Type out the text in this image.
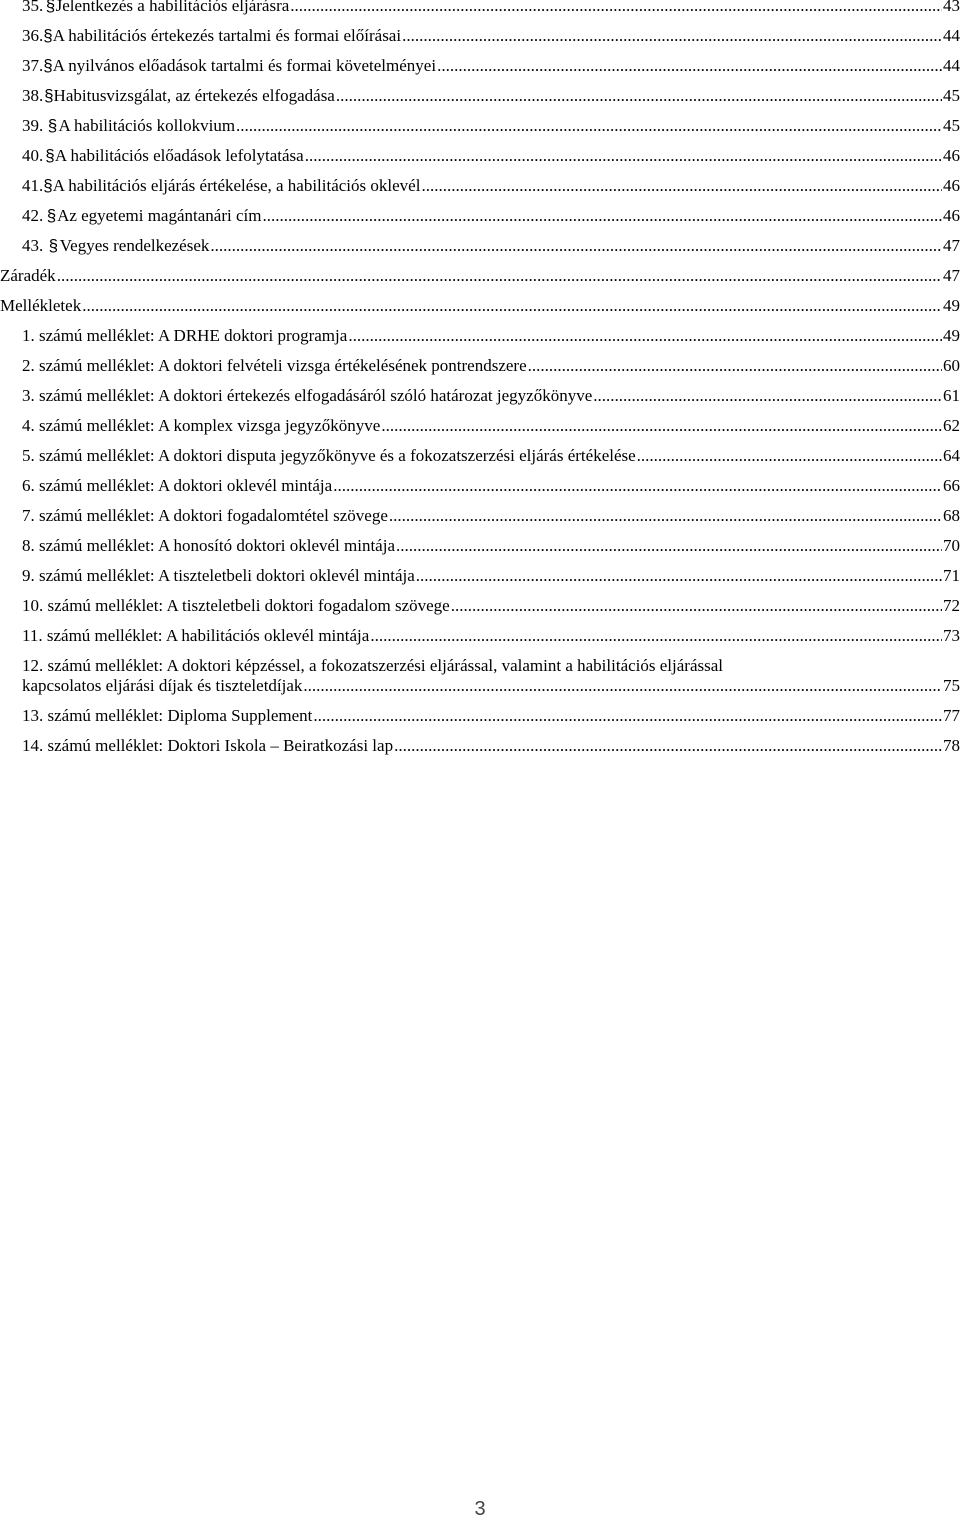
35. § Jelentkezés a habilitációs eljárásra .....	43
36. § A habilitációs értekezés tartalmi és formai előírásai .....	44
37. § A nyilvános előadások tartalmi és formai követelményei .....	44
38. § Habitusvizsgálat, az értekezés elfogadása .....	45
39. § A habilitációs kollokvium .....	45
40. § A habilitációs előadások lefolytatása .....	46
41. § A habilitációs eljárás értékelése, a habilitációs oklevél .....	46
42. § Az egyetemi magántanári cím .....	46
43. § Vegyes rendelkezések .....	47
Záradék .....	47
Mellékletek .....	49
1. számú melléklet: A DRHE doktori programja .....	49
2. számú melléklet: A doktori felvételi vizsga értékelésének pontrendszere .....	60
3. számú melléklet: A doktori értekezés elfogadásáról szóló határozat jegyzőkönyve .....	61
4. számú melléklet: A komplex vizsga jegyzőkönyve .....	62
5. számú melléklet: A doktori disputa jegyzőkönyve és a fokozatszerzési eljárás értékelése .....	64
6. számú melléklet: A doktori oklevél mintája .....	66
7. számú melléklet: A doktori fogadalomtétel szövege .....	68
8. számú melléklet: A honosító doktori oklevél mintája .....	70
9. számú melléklet: A tiszteletbeli doktori oklevél mintája .....	71
10. számú melléklet: A tiszteletbeli doktori fogadalom szövege .....	72
11. számú melléklet: A habilitációs oklevél mintája .....	73
12. számú melléklet: A doktori képzéssel, a fokozatszerzési eljárással, valamint a habilitációs eljárással
kapcsolatos eljárási díjak és tiszteletdíjak .....	75
13. számú melléklet: Diploma Supplement .....	77
14. számú melléklet: Doktori Iskola – Beiratkozási lap .....	78
3
